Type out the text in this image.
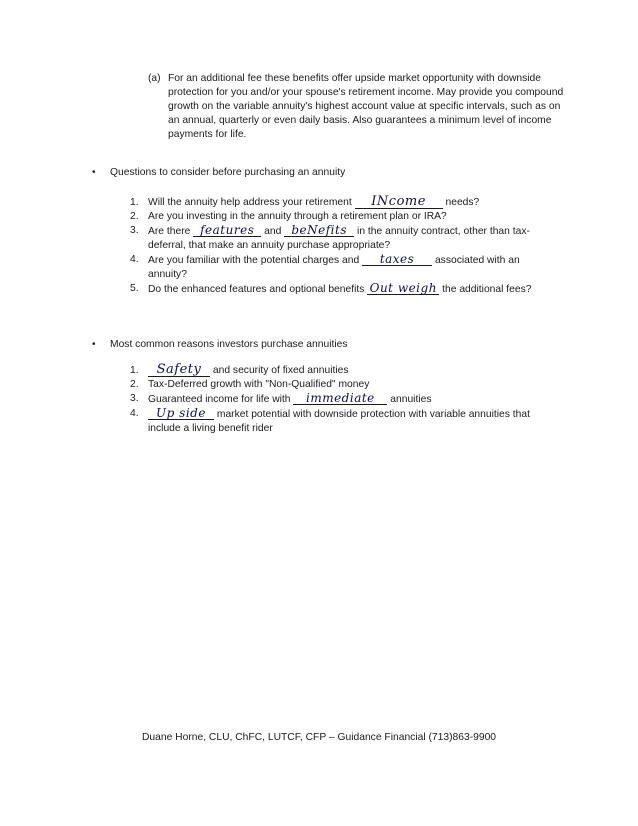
(a) For an additional fee these benefits offer upside market opportunity with downside protection for you and/or your spouse's retirement income. May provide you compound growth on the variable annuity's highest account value at specific intervals, such as on an annual, quarterly or even daily basis. Also guarantees a minimum level of income payments for life.
•	Questions to consider before purchasing an annuity
1. Will the annuity help address your retirement INcome needs?
2. Are you investing in the annuity through a retirement plan or IRA?
3. Are there features and beNefits in the annuity contract, other than tax-deferral, that make an annuity purchase appropriate?
4. Are you familiar with the potential charges and taxes associated with an annuity?
5. Do the enhanced features and optional benefits Out weigh the additional fees?
•	Most common reasons investors purchase annuities
1.	Safety and security of fixed annuities
2. Tax-Deferred growth with "Non-Qualified" money
3. Guaranteed income for life with immediate annuities
4.	Up side market potential with downside protection with variable annuities that include a living benefit rider
Duane Horne, CLU, ChFC, LUTCF, CFP – Guidance Financial (713)863-9900
